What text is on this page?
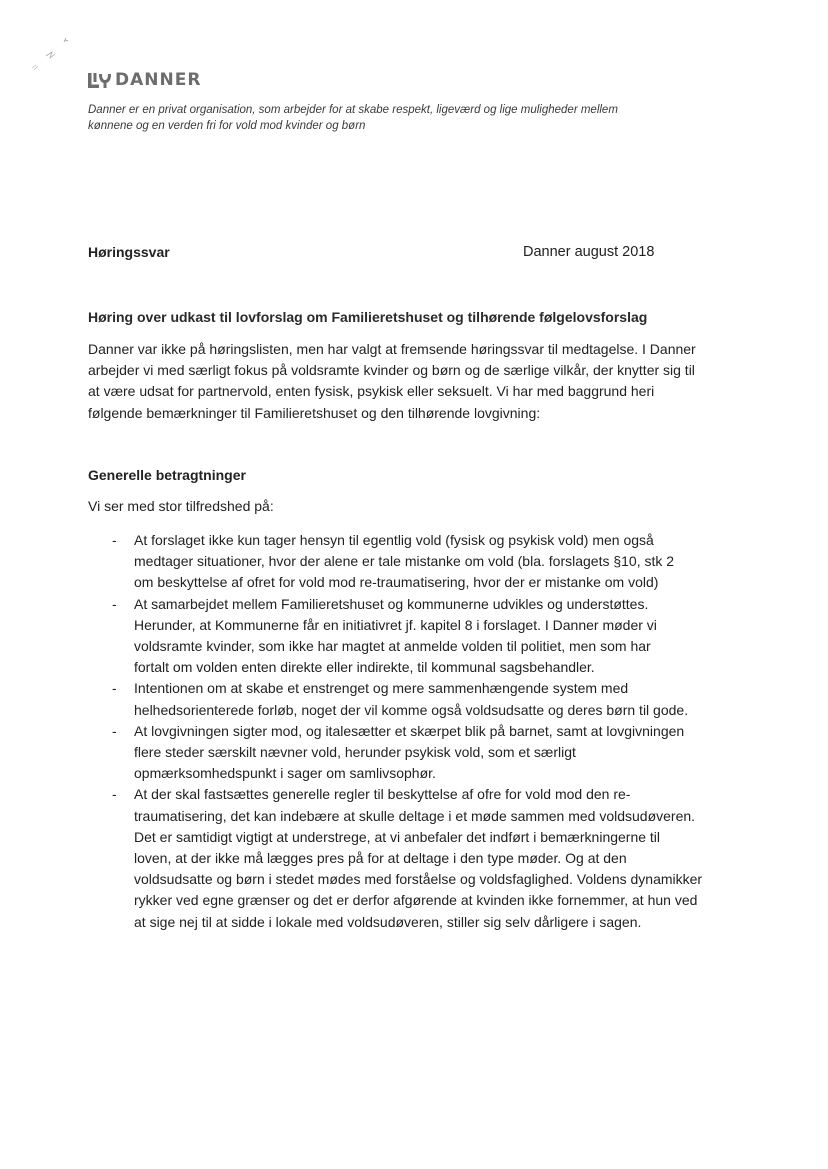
DANNER

Danner er en privat organisation, som arbejder for at skabe respekt, ligeværd og lige muligheder mellem
kønnene og en verden fri for vold mod kvinder og børn

Høringssvar	Danner august 2018

Høring over udkast til lovforslag om Familieretshuset og tilhørende følgelovsforslag

Danner var ikke på høringslisten, men har valgt at fremsende høringssvar til medtagelse. I Danner
arbejder vi med særligt fokus på voldsramte kvinder og børn og de særlige vilkår, der knytter sig til
at være udsat for partnervold, enten fysisk, psykisk eller seksuelt. Vi har med baggrund heri
følgende bemærkninger til Familieretshuset og den tilhørende lovgivning:

Generelle betragtninger

Vi ser med stor tilfredshed på:

- At forslaget ikke kun tager hensyn til egentlig vold (fysisk og psykisk vold) men også
medtager situationer, hvor der alene er tale mistanke om vold (bla. forslagets §10, stk 2
om beskyttelse af ofret for vold mod re-traumatisering, hvor der er mistanke om vold)
- At samarbejdet mellem Familieretshuset og kommunerne udvikles og understøttes.
Herunder, at Kommunerne får en initiativret jf. kapitel 8 i forslaget. I Danner møder vi
voldsramte kvinder, som ikke har magtet at anmelde volden til politiet, men som har
fortalt om volden enten direkte eller indirekte, til kommunal sagsbehandler.
- Intentionen om at skabe et enstrenget og mere sammenhængende system med
helhedsorienterede forløb, noget der vil komme også voldsudsatte og deres børn til gode.
- At lovgivningen sigter mod, og italesætter et skærpet blik på barnet, samt at lovgivningen
flere steder særskilt nævner vold, herunder psykisk vold, som et særligt
opmærksomhedspunkt i sager om samlivsophør.
- At der skal fastsættes generelle regler til beskyttelse af ofre for vold mod den re-
traumatisering, det kan indebære at skulle deltage i et møde sammen med voldsudøveren.
Det er samtidigt vigtigt at understrege, at vi anbefaler det indført i bemærkningerne til
loven, at der ikke må lægges pres på for at deltage i den type møder. Og at den
voldsudsatte og børn i stedet mødes med forståelse og voldsfaglighed. Voldens dynamikker
rykker ved egne grænser og det er derfor afgørende at kvinden ikke fornemmer, at hun ved
at sige nej til at sidde i lokale med voldsudøveren, stiller sig selv dårligere i sagen.
